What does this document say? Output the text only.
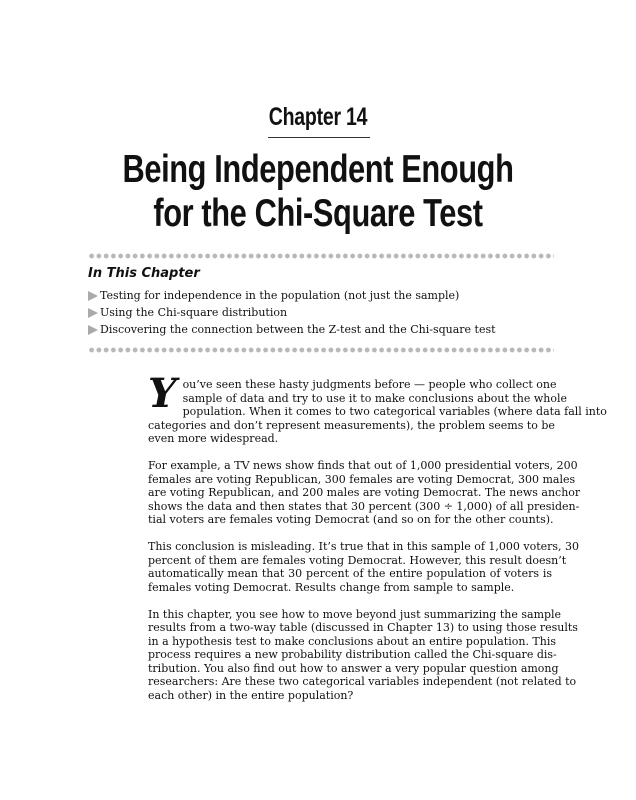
Chapter 14
Being Independent Enough
for the Chi-Square Test
In This Chapter
Testing for independence in the population (not just the sample)
Using the Chi-square distribution
Discovering the connection between the Z-test and the Chi-square test

Y ou’ve seen these hasty judgments before — people who collect one
sample of data and try to use it to make conclusions about the whole
population. When it comes to two categorical variables (where data fall into
categories and don’t represent measurements), the problem seems to be
even more widespread.

For example, a TV news show finds that out of 1,000 presidential voters, 200
females are voting Republican, 300 females are voting Democrat, 300 males
are voting Republican, and 200 males are voting Democrat. The news anchor
shows the data and then states that 30 percent (300 ÷ 1,000) of all presiden-
tial voters are females voting Democrat (and so on for the other counts).

This conclusion is misleading. It’s true that in this sample of 1,000 voters, 30
percent of them are females voting Democrat. However, this result doesn’t
automatically mean that 30 percent of the entire population of voters is
females voting Democrat. Results change from sample to sample.

In this chapter, you see how to move beyond just summarizing the sample
results from a two-way table (discussed in Chapter 13) to using those results
in a hypothesis test to make conclusions about an entire population. This
process requires a new probability distribution called the Chi-square dis-
tribution. You also find out how to answer a very popular question among
researchers: Are these two categorical variables independent (not related to
each other) in the entire population?
